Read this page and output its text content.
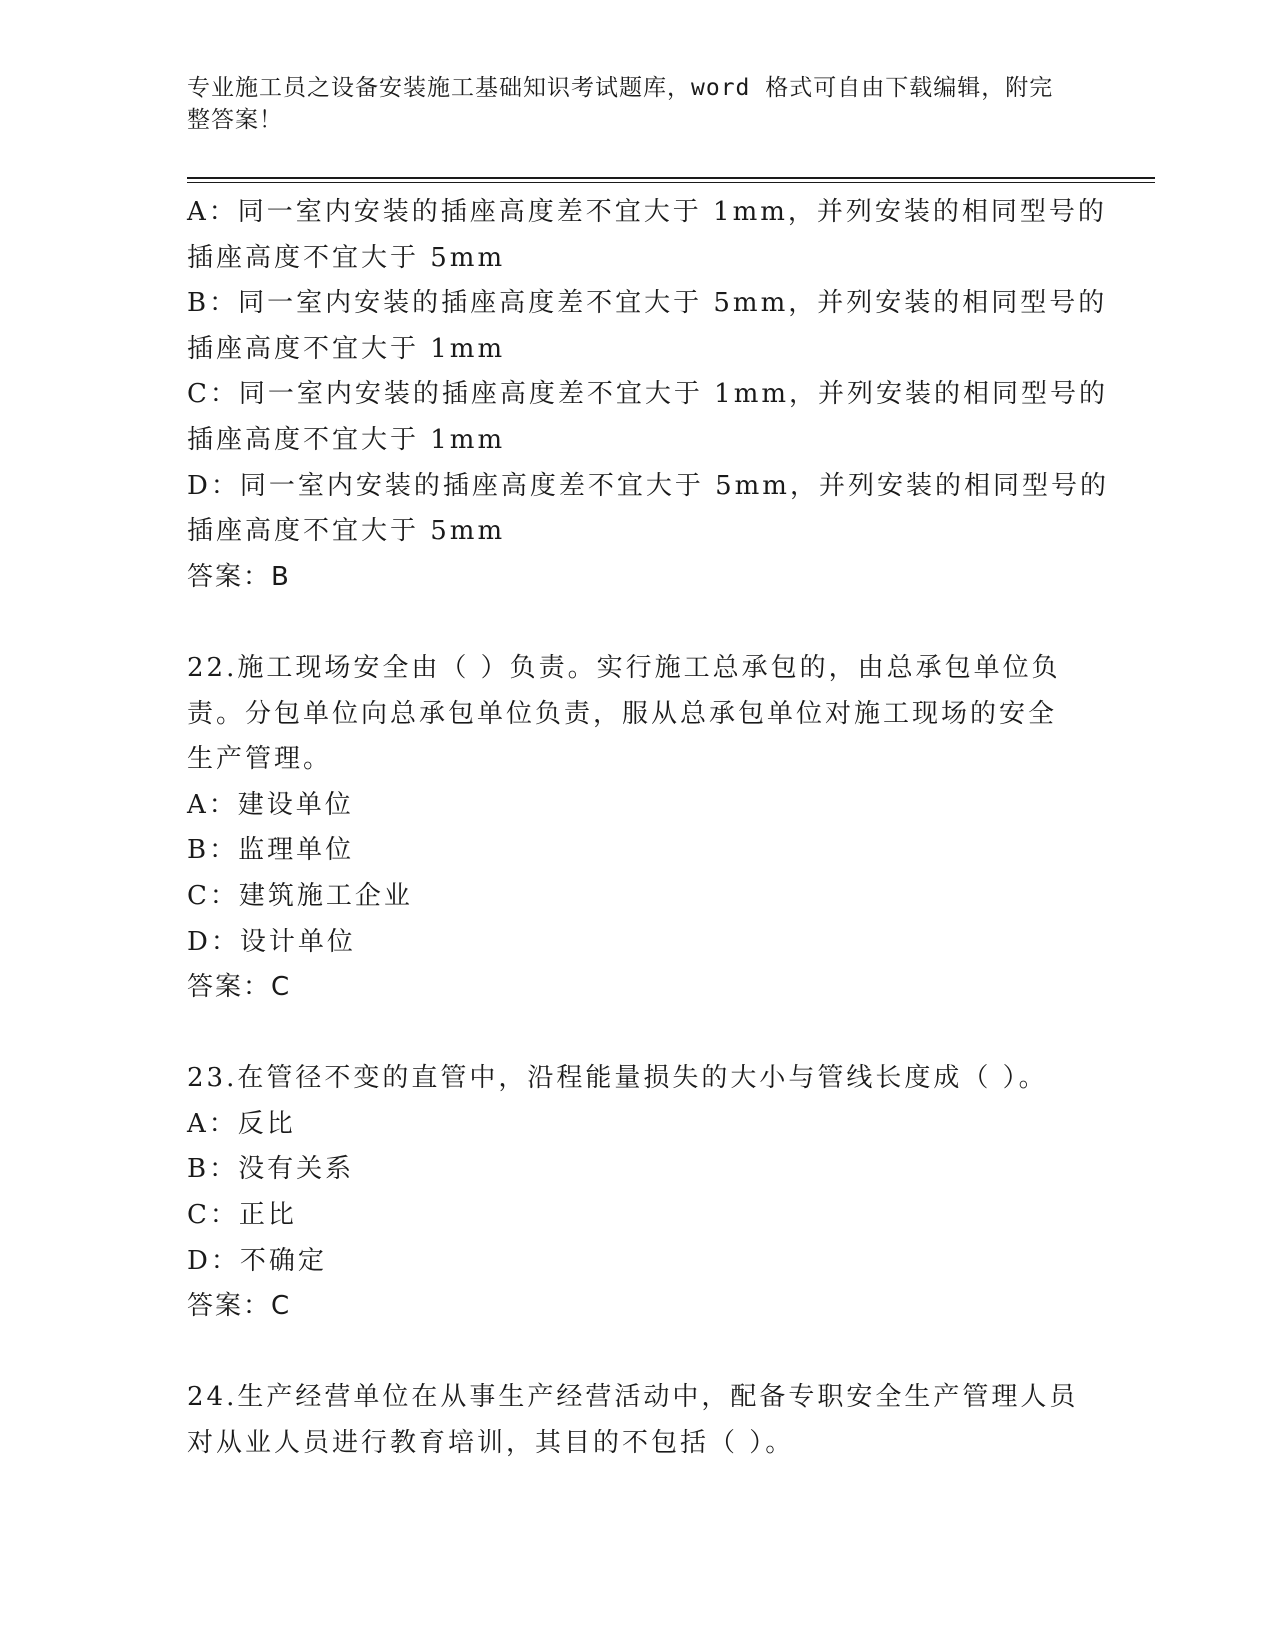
专业施工员之设备安装施工基础知识考试题库，word 格式可自由下载编辑，附完整答案！
A：同一室内安装的插座高度差不宜大于 1mm，并列安装的相同型号的
插座高度不宜大于 5mm
B：同一室内安装的插座高度差不宜大于 5mm，并列安装的相同型号的
插座高度不宜大于 1mm
C：同一室内安装的插座高度差不宜大于 1mm，并列安装的相同型号的
插座高度不宜大于 1mm
D：同一室内安装的插座高度差不宜大于 5mm，并列安装的相同型号的
插座高度不宜大于 5mm
答案：B
22.施工现场安全由（ ）负责。实行施工总承包的，由总承包单位负
责。分包单位向总承包单位负责，服从总承包单位对施工现场的安全
生产管理。
A：建设单位
B：监理单位
C：建筑施工企业
D：设计单位
答案：C
23.在管径不变的直管中，沿程能量损失的大小与管线长度成（ ）。
A：反比
B：没有关系
C：正比
D：不确定
答案：C
24.生产经营单位在从事生产经营活动中，配备专职安全生产管理人员
对从业人员进行教育培训，其目的不包括（ ）。
